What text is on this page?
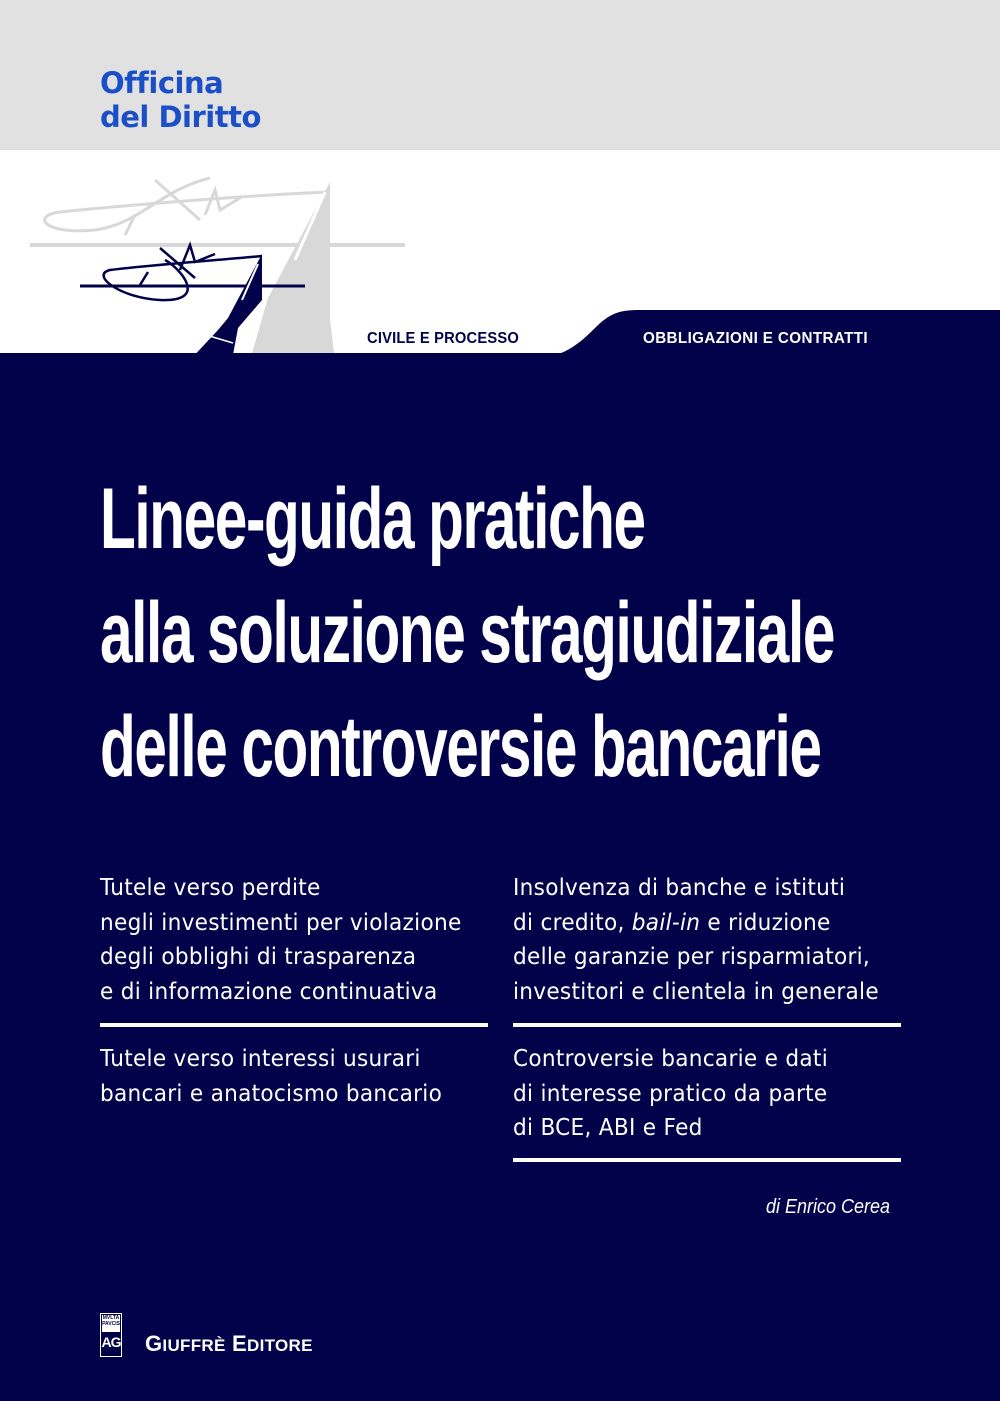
Officina
del Diritto
CIVILE E PROCESSO	OBBLIGAZIONI E CONTRATTI
Linee-guida pratiche
alla soluzione stragiudiziale
delle controversie bancarie
Tutele verso perdite
negli investimenti per violazione
degli obblighi di trasparenza
e di informazione continuativa
Tutele verso interessi usurari
bancari e anatocismo bancario
Insolvenza di banche e istituti
di credito, bail-in e riduzione
delle garanzie per risparmiatori,
investitori e clientela in generale
Controversie bancarie e dati
di interesse pratico da parte
di BCE, ABI e Fed
di Enrico Cerea
MVLTA PAVCIS
AG GIUFFRÈ EDITORE
